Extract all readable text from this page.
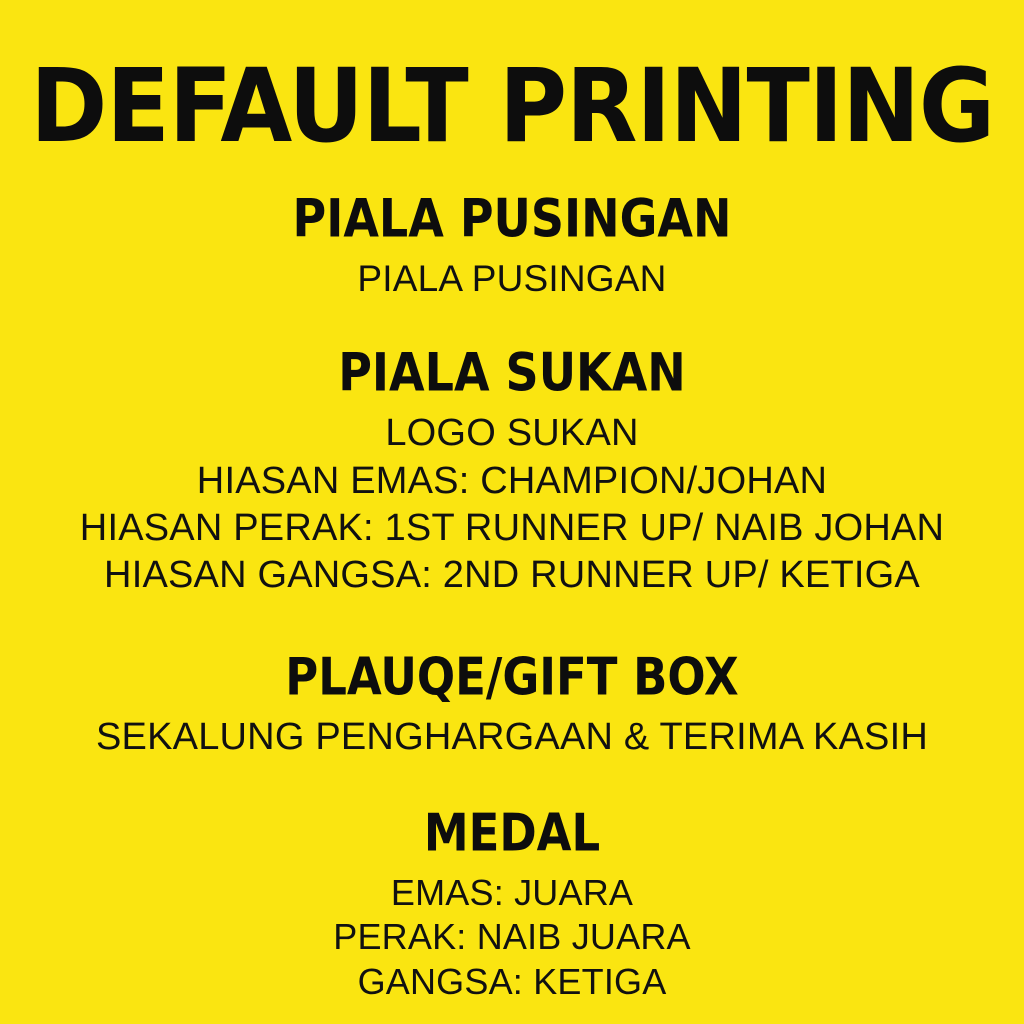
DEFAULT PRINTING
PIALA PUSINGAN
PIALA PUSINGAN
PIALA SUKAN
LOGO SUKAN
HIASAN EMAS: CHAMPION/JOHAN
HIASAN PERAK: 1ST RUNNER UP/ NAIB JOHAN
HIASAN GANGSA: 2ND RUNNER UP/ KETIGA
PLAUQE/GIFT BOX
SEKALUNG PENGHARGAAN & TERIMA KASIH
MEDAL
EMAS: JUARA
PERAK: NAIB JUARA
GANGSA: KETIGA
